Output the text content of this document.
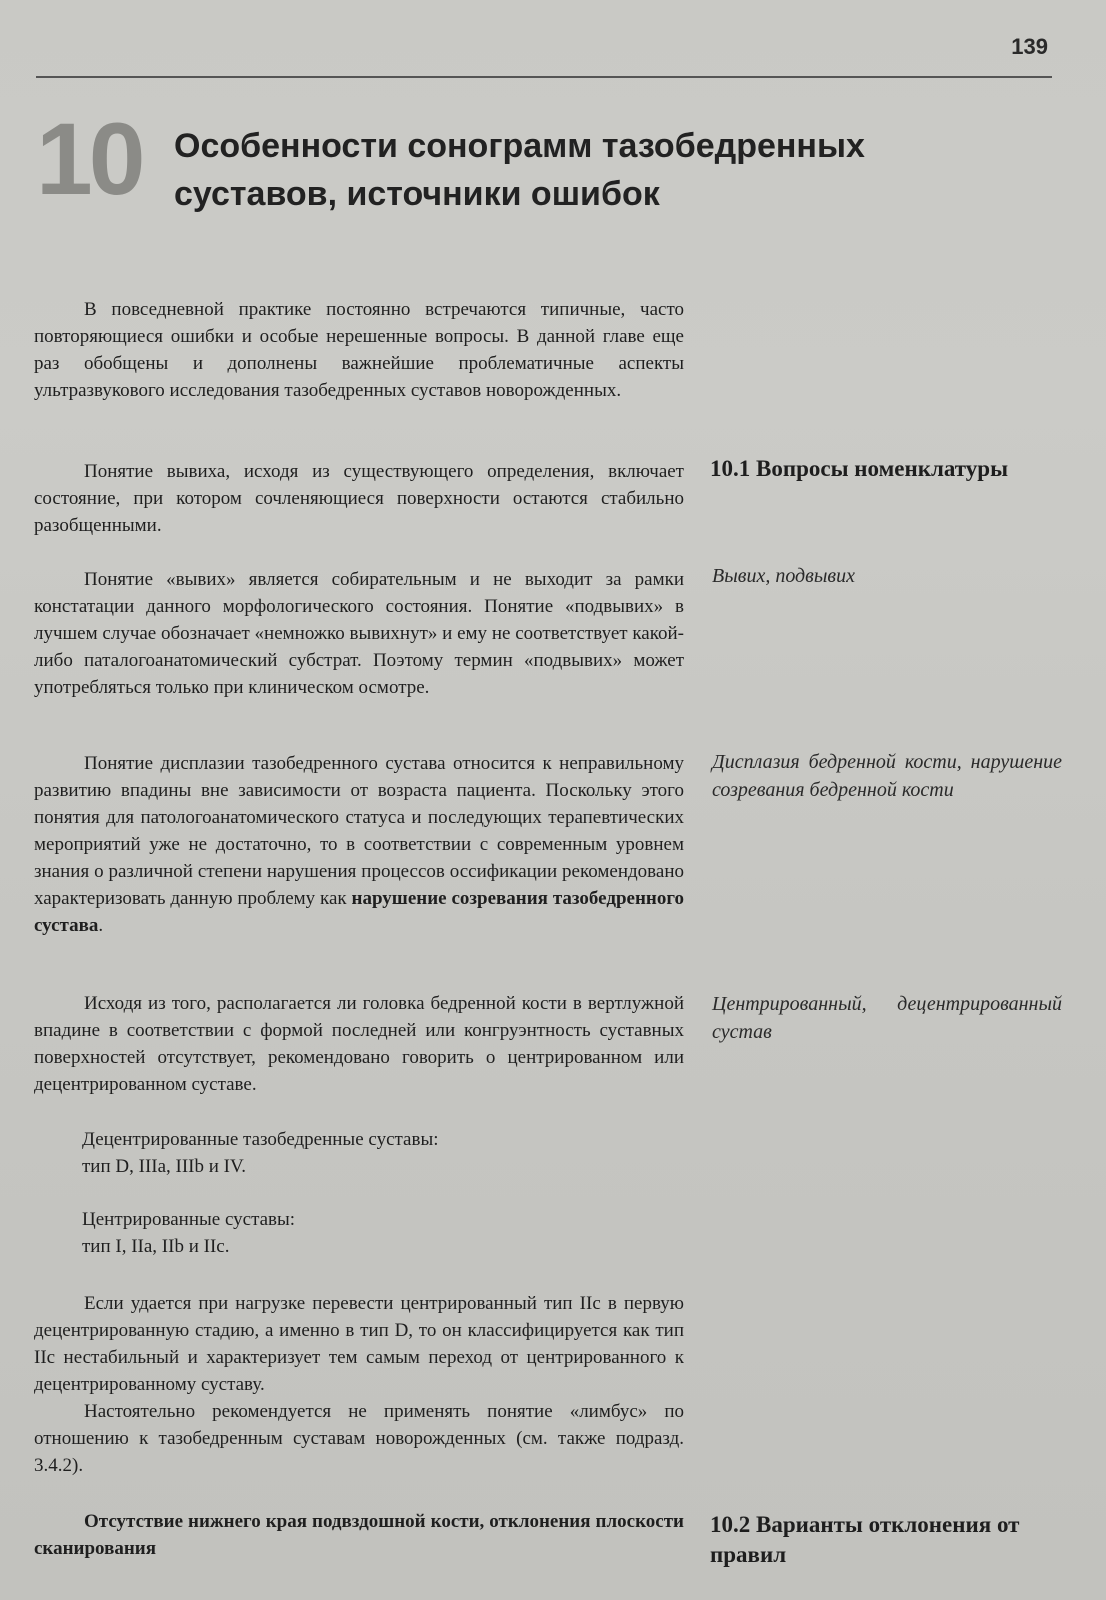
139
10 Особенности сонограмм тазобедренных суставов, источники ошибок

В повседневной практике постоянно встречаются типичные, часто повторяющиеся ошибки и особые нерешенные вопросы. В данной главе еще раз обобщены и дополнены важнейшие проблематичные аспекты ультразвукового исследования тазобедренных суставов новорожденных.

Понятие вывиха, исходя из существующего определения, включает состояние, при котором сочленяющиеся поверхности остаются стабильно разобщенными.

Понятие «вывих» является собирательным и не выходит за рамки констатации данного морфологического состояния. Понятие «подвывих» в лучшем случае обозначает «немножко вывихнут» и ему не соответствует какой-либо паталогоанатомический субстрат. Поэтому термин «подвывих» может употребляться только при клиническом осмотре.

Понятие дисплазии тазобедренного сустава относится к неправильному развитию впадины вне зависимости от возраста пациента. Поскольку этого понятия для патологоанатомического статуса и последующих терапевтических мероприятий уже не достаточно, то в соответствии с современным уровнем знания о различной степени нарушения процессов оссификации рекомендовано характеризовать данную проблему как нарушение созревания тазобедренного сустава.

Исходя из того, располагается ли головка бедренной кости в вертлужной впадине в соответствии с формой последней или конгруэнтность суставных поверхностей отсутствует, рекомендовано говорить о центрированном или децентрированном суставе.

Децентрированные тазобедренные суставы:
тип D, IIIa, IIIb и IV.

Центрированные суставы:
тип I, IIa, IIb и IIc.

Если удается при нагрузке перевести центрированный тип IIc в первую децентрированную стадию, а именно в тип D, то он классифицируется как тип IIc нестабильный и характеризует тем самым переход от центрированного к децентрированному суставу.

Настоятельно рекомендуется не применять понятие «лимбус» по отношению к тазобедренным суставам новорожденных (см. также подразд. 3.4.2).

Отсутствие нижнего края подвздошной кости, отклонения плоскости сканирования

10.1 Вопросы номенклатуры

Вывих, подвывих

Дисплазия бедренной кости, нарушение созревания бедренной кости

Центрированный, децентрированный сустав

10.2 Варианты отклонения от правил
